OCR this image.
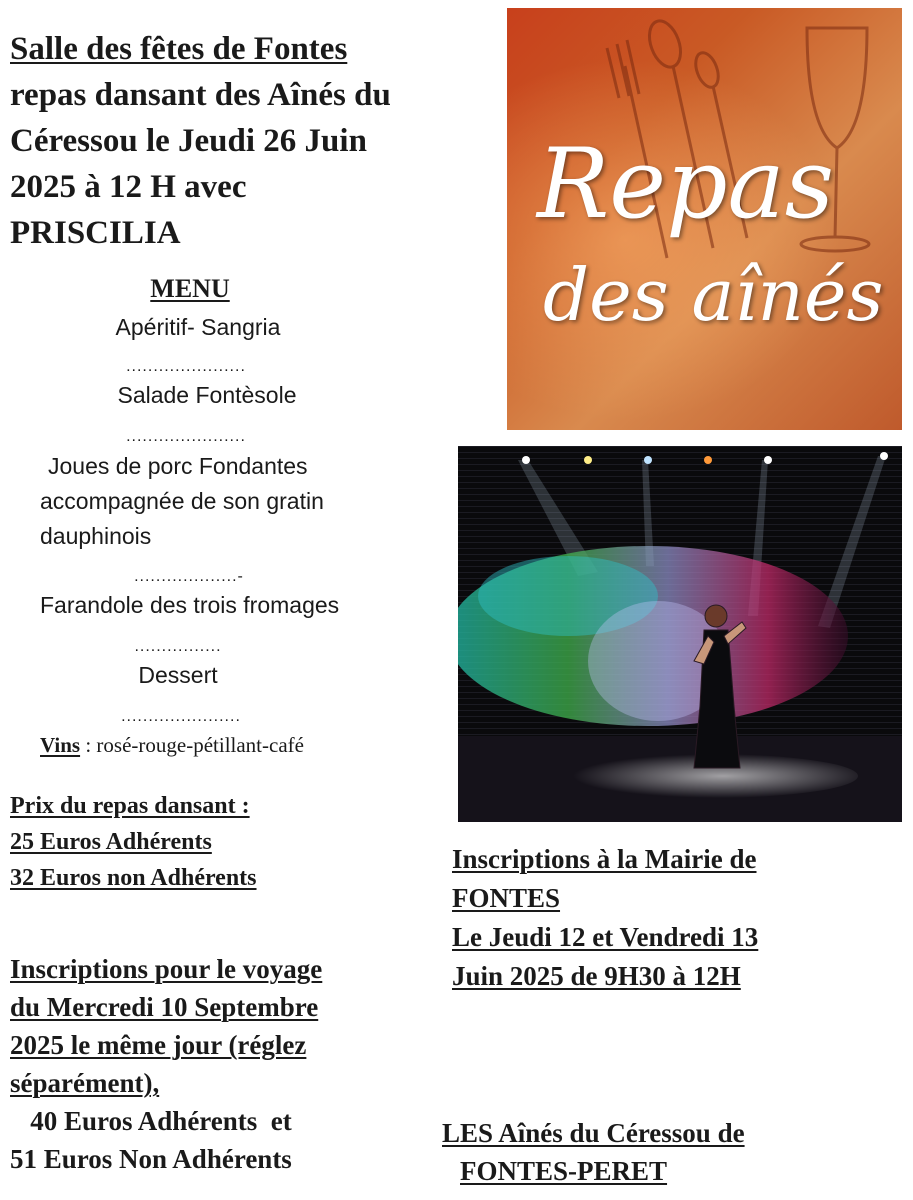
Salle des fêtes de Fontes
repas dansant des Aînés du
Céressou le Jeudi 26 Juin
2025 à 12 H avec
PRISCILIA
MENU
Apéritif- Sangria
......................
Salade Fontèsole
......................
Joues de porc Fondantes
accompagnée de son gratin
dauphinois
...................-
Farandole des trois fromages
................
Dessert
......................
Vins : rosé-rouge-pétillant-café
Prix du repas dansant :
25 Euros Adhérents
32 Euros non Adhérents
Inscriptions pour le voyage
du Mercredi 10 Septembre
2025 le même jour (réglez
séparément),
40 Euros Adhérents  et
51 Euros Non Adhérents
Inscriptions à la Mairie de
FONTES
Le Jeudi 12 et Vendredi 13
Juin 2025 de 9H30 à 12H
LES Aînés du Céressou de
FONTES-PERET
Repas
des aînés
